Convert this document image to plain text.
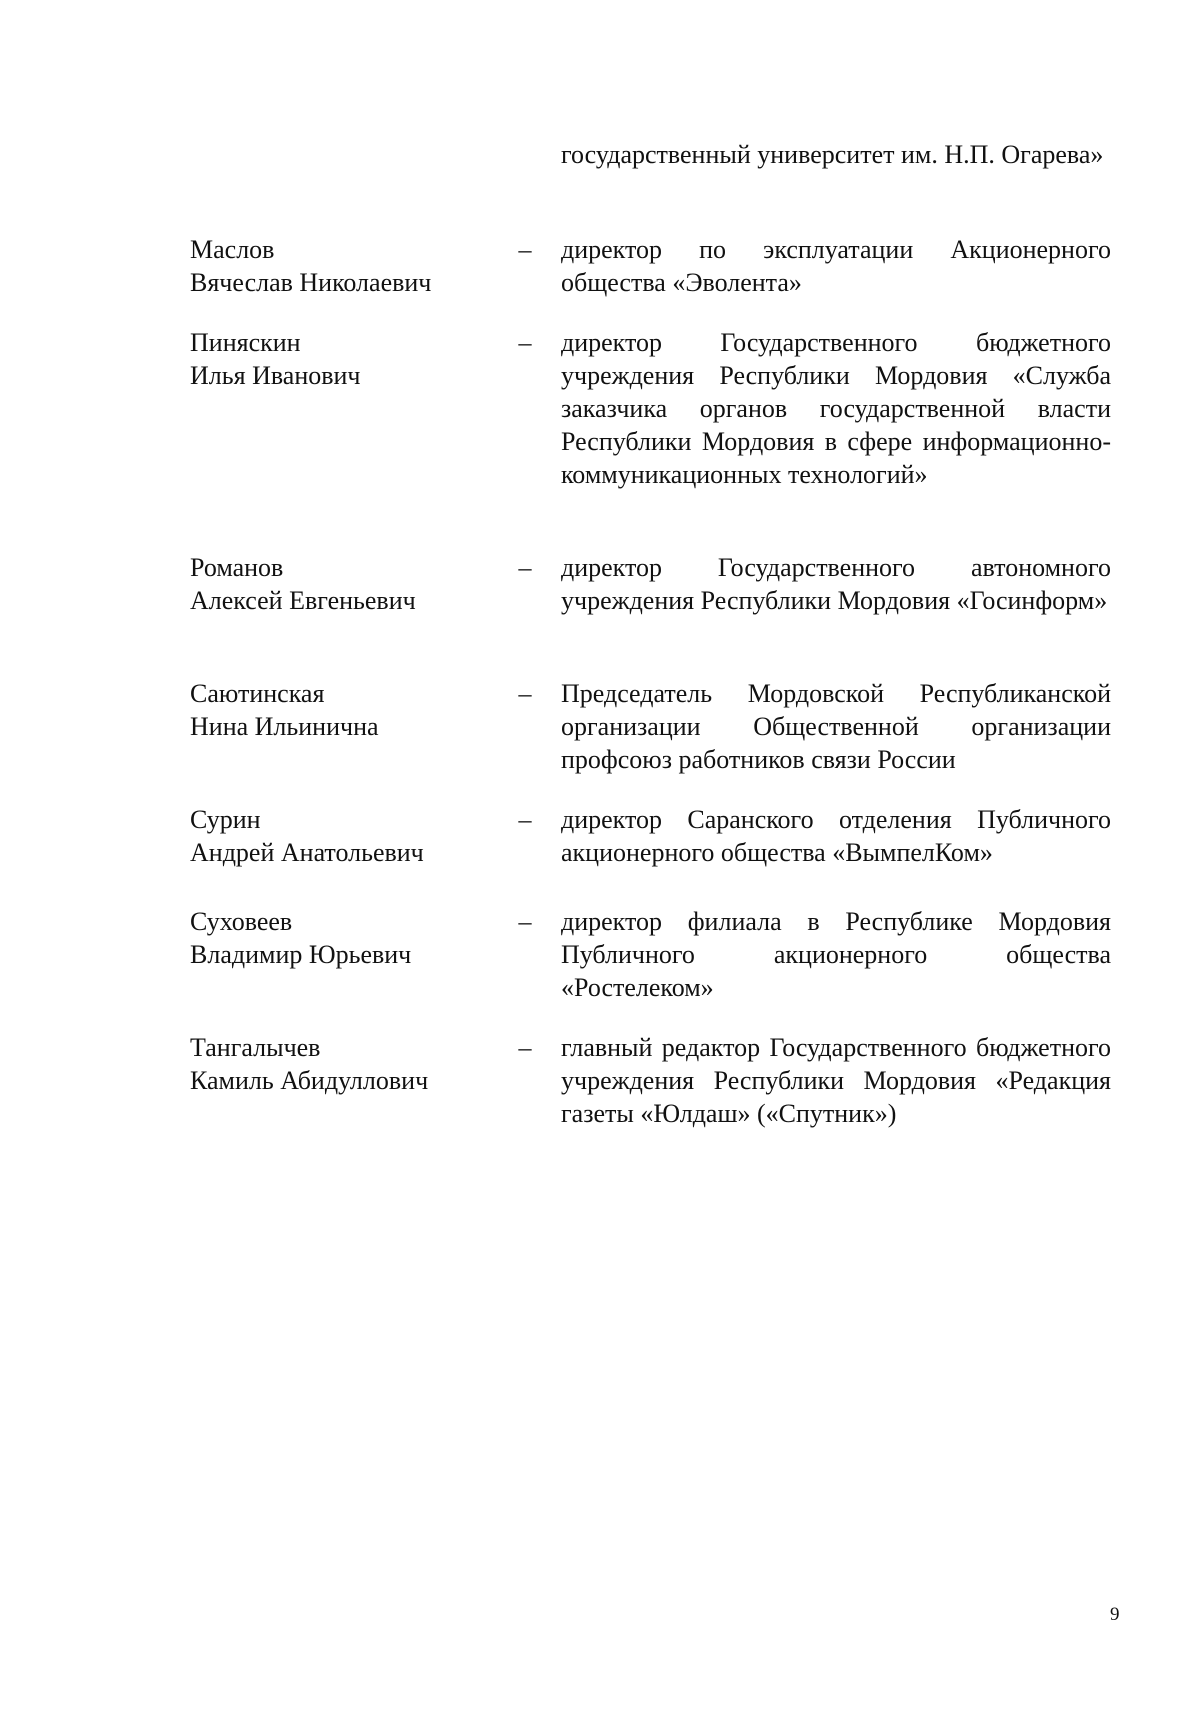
государственный университет им. Н.П. Огарева»
Маслов
Вячеслав Николаевич
– директор по эксплуатации Акционерного общества «Эволента»
Пиняскин
Илья Иванович
– директор Государственного бюджетного учреждения Республики Мордовия «Служба заказчика органов государственной власти Республики Мордовия в сфере информационно-коммуникационных технологий»
Романов
Алексей Евгеньевич
– директор Государственного автономного учреждения Республики Мордовия «Госинформ»
Саютинская
Нина Ильинична
– Председатель Мордовской Республиканской организации Общественной организации профсоюз работников связи России
Сурин
Андрей Анатольевич
– директор Саранского отделения Публичного акционерного общества «ВымпелКом»
Суховеев
Владимир Юрьевич
– директор филиала в Республике Мордовия Публичного акционерного общества «Ростелеком»
Тангалычев
Камиль Абидуллович
– главный редактор Государственного бюджетного учреждения Республики Мордовия «Редакция газеты «Юлдаш» («Спутник»)
9
